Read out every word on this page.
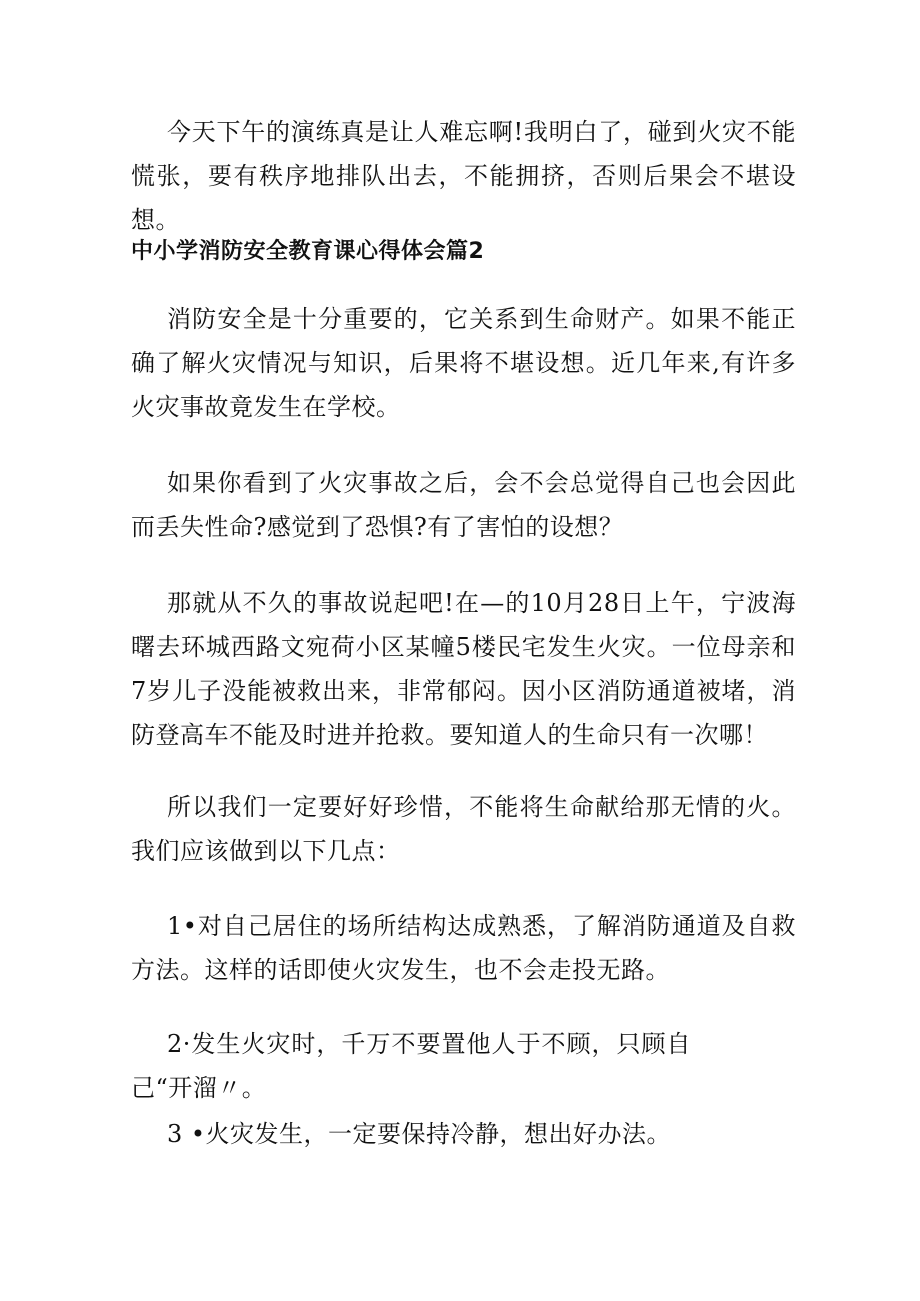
今天下午的演练真是让人难忘啊!我明白了，碰到火灾不能慌张，要有秩序地排队出去，不能拥挤，否则后果会不堪设想。

中小学消防安全教育课心得体会篇2

消防安全是十分重要的，它关系到生命财产。如果不能正确了解火灾情况与知识，后果将不堪设想。近几年来,有许多火灾事故竟发生在学校。

如果你看到了火灾事故之后，会不会总觉得自己也会因此而丢失性命?感觉到了恐惧?有了害怕的设想？

那就从不久的事故说起吧!在—的10月28日上午，宁波海曙去环城西路文宛荷小区某幢5楼民宅发生火灾。一位母亲和7岁儿子没能被救出来，非常郁闷。因小区消防通道被堵，消防登高车不能及时进并抢救。要知道人的生命只有一次哪！

所以我们一定要好好珍惜，不能将生命献给那无情的火。我们应该做到以下几点：

1•对自己居住的场所结构达成熟悉，了解消防通道及自救方法。这样的话即使火灾发生，也不会走投无路。

2·发生火灾时，千万不要置他人于不顾，只顾自己“开溜〃。

3 •火灾发生，一定要保持冷静，想出好办法。
